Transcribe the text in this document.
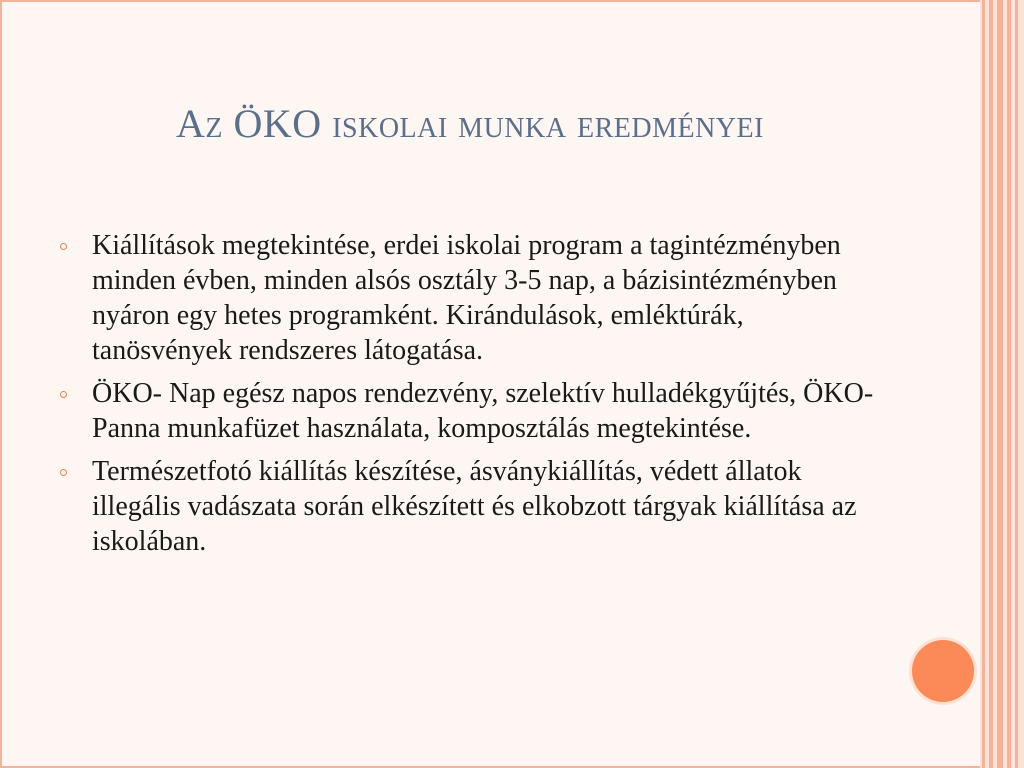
Az ÖKO iskolai munka eredményei
Kiállítások megtekintése, erdei iskolai program a tagintézményben minden évben, minden alsós osztály 3-5 nap, a bázisintézményben nyáron egy hetes programként. Kirándulások, emléktúrák, tanösvények rendszeres látogatása.
ÖKO- Nap egész napos rendezvény, szelektív hulladékgyűjtés, ÖKO- Panna munkafüzet használata, komposztálás megtekintése.
Természetfotó kiállítás készítése, ásványkiállítás, védett állatok illegális vadászata során elkészített és elkobzott tárgyak kiállítása az iskolában.
